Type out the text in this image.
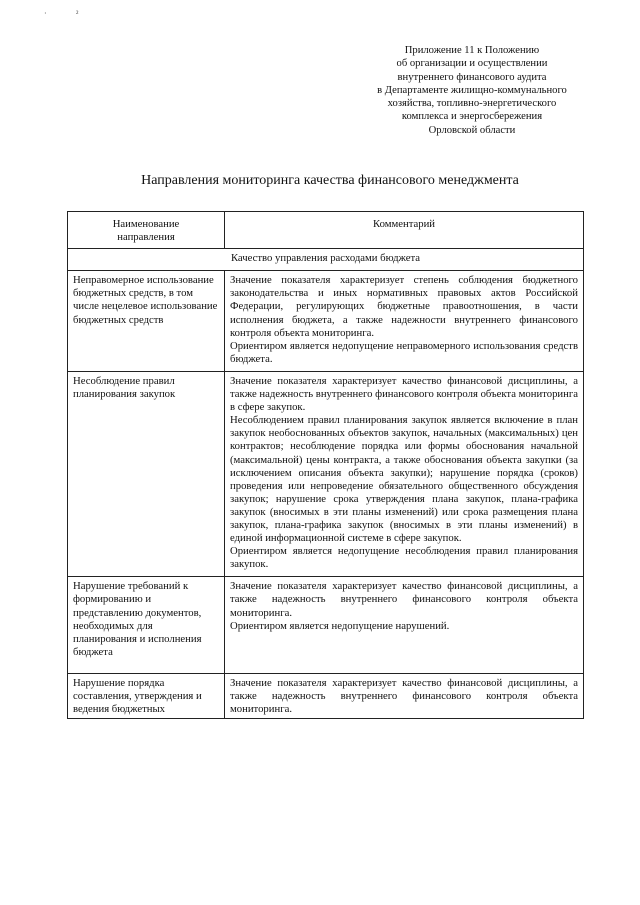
·	²
Приложение 11 к Положению
об организации и осуществлении
внутреннего финансового аудита
в Департаменте жилищно-коммунального
хозяйства, топливно-энергетического
комплекса и энергосбережения
Орловской области
Направления мониторинга качества финансового менеджмента
Наименование направления	Комментарий
Качество управления расходами бюджета	
Неправомерное использование бюджетных средств, в том числе нецелевое использование бюджетных средств	Значение показателя характеризует степень соблюдения бюджетного законодательства и иных нормативных правовых актов Российской Федерации, регулирующих бюджетные правоотношения, в части исполнения бюджета, а также надежности внутреннего финансового контроля объекта мониторинга.
Ориентиром является недопущение неправомерного использования средств бюджета.

Несоблюдение правил планирования закупок	Значение показателя характеризует качество финансовой дисциплины, а также надежность внутреннего финансового контроля объекта мониторинга в сфере закупок.
Несоблюдением правил планирования закупок является включение в план закупок необоснованных объектов закупок, начальных (максимальных) цен контрактов; несоблюдение порядка или формы обоснования начальной (максимальной) цены контракта, а также обоснования объекта закупки (за исключением описания объекта закупки); нарушение порядка (сроков) проведения или непроведение обязательного общественного обсуждения закупок; нарушение срока утверждения плана закупок, плана-графика закупок (вносимых в эти планы изменений) или срока размещения плана закупок, плана-графика закупок (вносимых в эти планы изменений) в единой информационной системе в сфере закупок.
Ориентиром является недопущение несоблюдения правил планирования закупок.

Нарушение требований к формированию и представлению документов, необходимых для планирования и исполнения бюджета	Значение показателя характеризует качество финансовой дисциплины, а также надежность внутреннего финансового контроля объекта мониторинга.
Ориентиром является недопущение нарушений.

Нарушение порядка составления, утверждения и ведения бюджетных	Значение показателя характеризует качество финансовой дисциплины, а также надежность внутреннего финансового контроля объекта мониторинга.
